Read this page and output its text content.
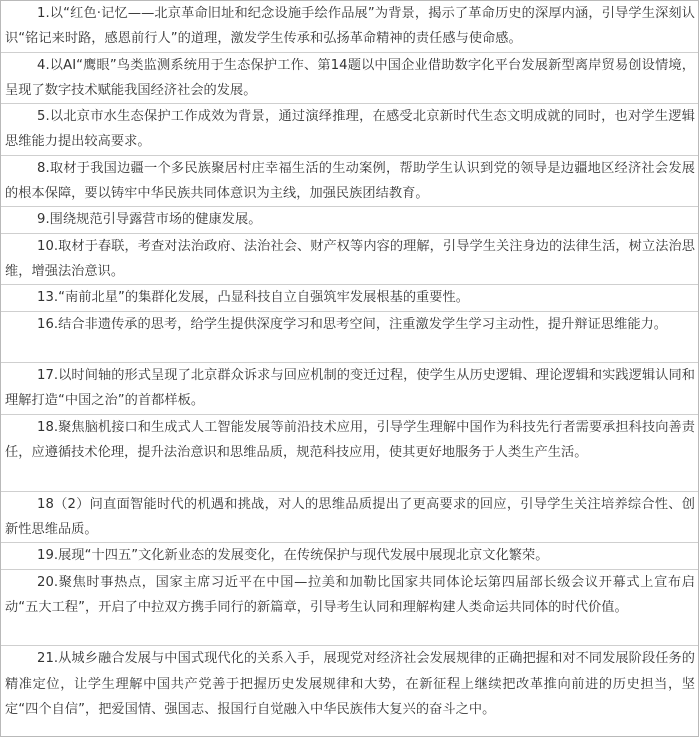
1.以“红色·记忆——北京革命旧址和纪念设施手绘作品展”为背景，揭示了革命历史的深厚内涵，引导学生深刻认识“铭记来时路，感恩前行人”的道理，激发学生传承和弘扬革命精神的责任感与使命感。
4.以AI“鹰眼”鸟类监测系统用于生态保护工作、第14题以中国企业借助数字化平台发展新型离岸贸易创设情境，呈现了数字技术赋能我国经济社会的发展。
5.以北京市水生态保护工作成效为背景，通过演绎推理，在感受北京新时代生态文明成就的同时，也对学生逻辑思维能力提出较高要求。
8.取材于我国边疆一个多民族聚居村庄幸福生活的生动案例，帮助学生认识到党的领导是边疆地区经济社会发展的根本保障，要以铸牢中华民族共同体意识为主线，加强民族团结教育。
9.围绕规范引导露营市场的健康发展。
10.取材于春联，考查对法治政府、法治社会、财产权等内容的理解，引导学生关注身边的法律生活，树立法治思维，增强法治意识。
13.“南前北星”的集群化发展，凸显科技自立自强筑牢发展根基的重要性。
16.结合非遗传承的思考，给学生提供深度学习和思考空间，注重激发学生学习主动性，提升辩证思维能力。
17.以时间轴的形式呈现了北京群众诉求与回应机制的变迁过程，使学生从历史逻辑、理论逻辑和实践逻辑认同和理解打造“中国之治”的首都样板。
18.聚焦脑机接口和生成式人工智能发展等前沿技术应用，引导学生理解中国作为科技先行者需要承担科技向善责任，应遵循技术伦理，提升法治意识和思维品质，规范科技应用，使其更好地服务于人类生产生活。
18（2）问直面智能时代的机遇和挑战，对人的思维品质提出了更高要求的回应，引导学生关注培养综合性、创新性思维品质。
19.展现“十四五”文化新业态的发展变化，在传统保护与现代发展中展现北京文化繁荣。
20.聚焦时事热点，国家主席习近平在中国—拉美和加勒比国家共同体论坛第四届部长级会议开幕式上宣布启动“五大工程”，开启了中拉双方携手同行的新篇章，引导考生认同和理解构建人类命运共同体的时代价值。
21.从城乡融合发展与中国式现代化的关系入手，展现党对经济社会发展规律的正确把握和对不同发展阶段任务的精准定位，让学生理解中国共产党善于把握历史发展规律和大势，在新征程上继续把改革推向前进的历史担当，坚定“四个自信”，把爱国情、强国志、报国行自觉融入中华民族伟大复兴的奋斗之中。
